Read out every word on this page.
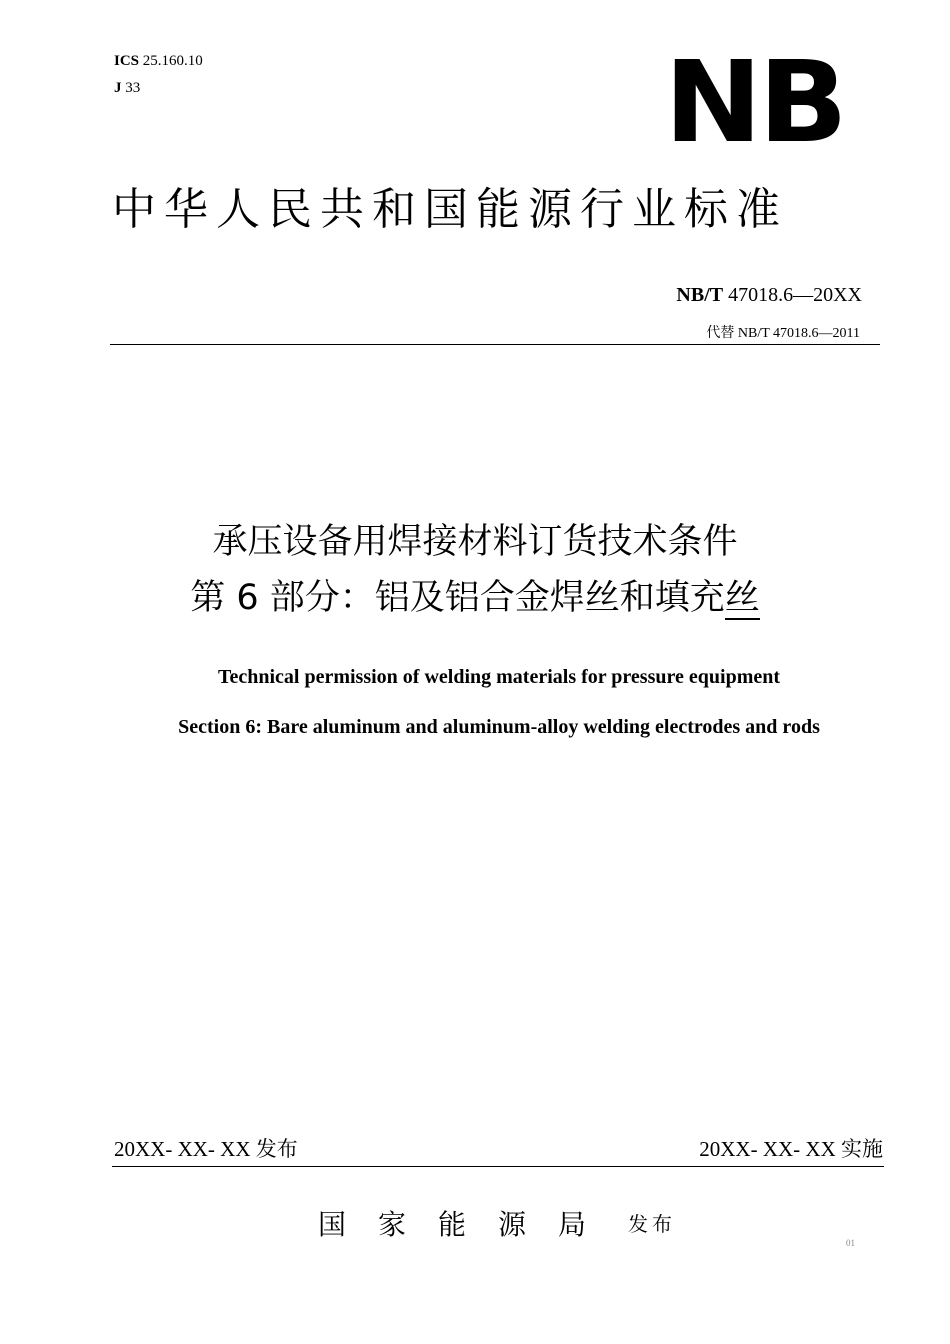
ICS 25.160.10
J 33	NB
中华人民共和国能源行业标准
NB/T 47018.6—20XX
代替 NB/T 47018.6—2011
承压设备用焊接材料订货技术条件
第 6 部分：铝及铝合金焊丝和填充丝
Technical permission of welding materials for pressure equipment
Section 6: Bare aluminum and aluminum-alloy welding electrodes and rods
20XX- XX- XX 发布	20XX- XX- XX 实施
国家能源局 发布
01
